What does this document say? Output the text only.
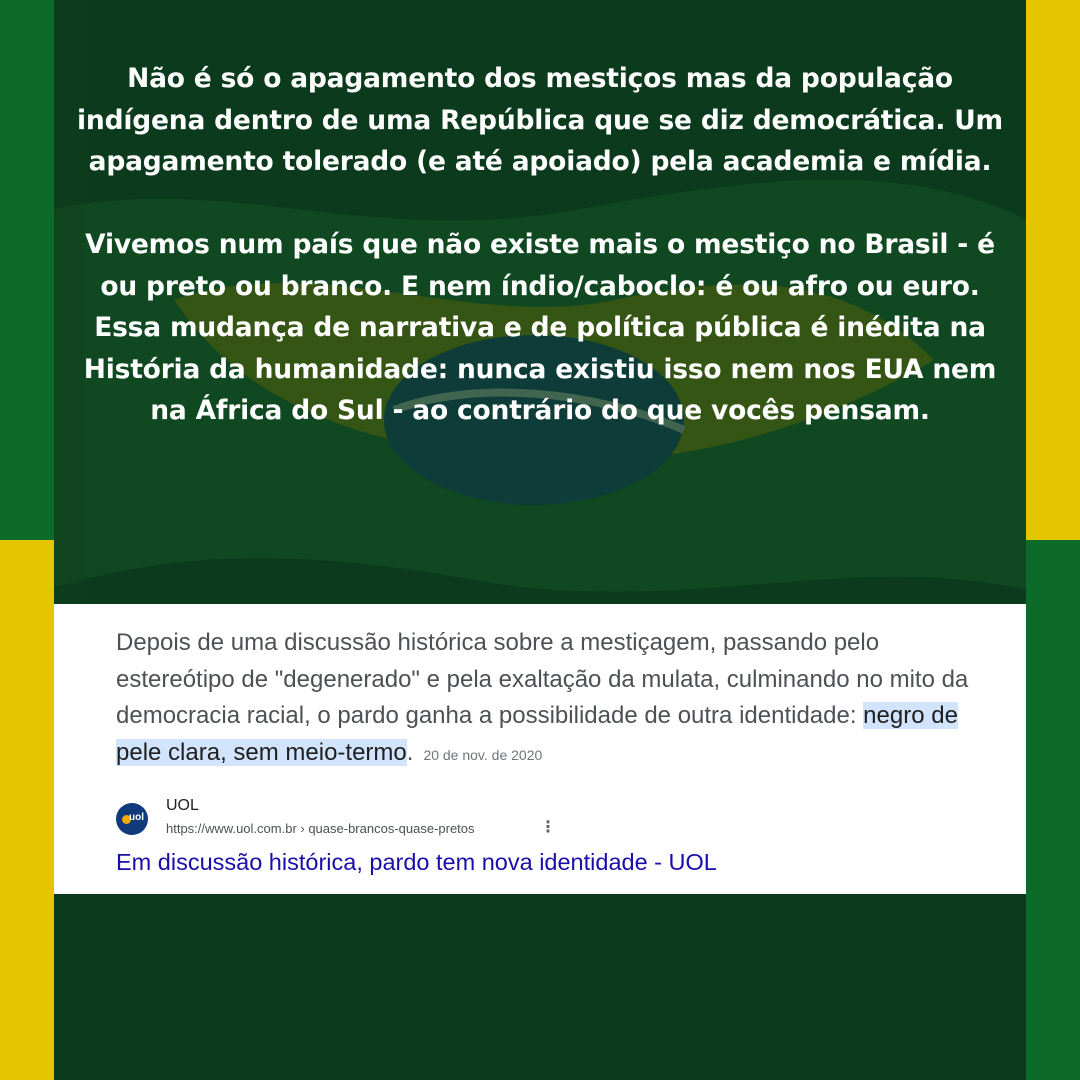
Não é só o apagamento dos mestiços mas da população indígena dentro de uma República que se diz democrática. Um apagamento tolerado (e até apoiado) pela academia e mídia.

Vivemos num país que não existe mais o mestiço no Brasil - é ou preto ou branco. E nem índio/caboclo: é ou afro ou euro. Essa mudança de narrativa e de política pública é inédita na História da humanidade: nunca existiu isso nem nos EUA nem na África do Sul - ao contrário do que vocês pensam.

Depois de uma discussão histórica sobre a mestiçagem, passando pelo estereótipo de "degenerado" e pela exaltação da mulata, culminando no mito da democracia racial, o pardo ganha a possibilidade de outra identidade: negro de pele clara, sem meio-termo. 20 de nov. de 2020
uol
UOL
https://www.uol.com.br › quase-brancos-quase-pretos	⋮
Em discussão histórica, pardo tem nova identidade - UOL
